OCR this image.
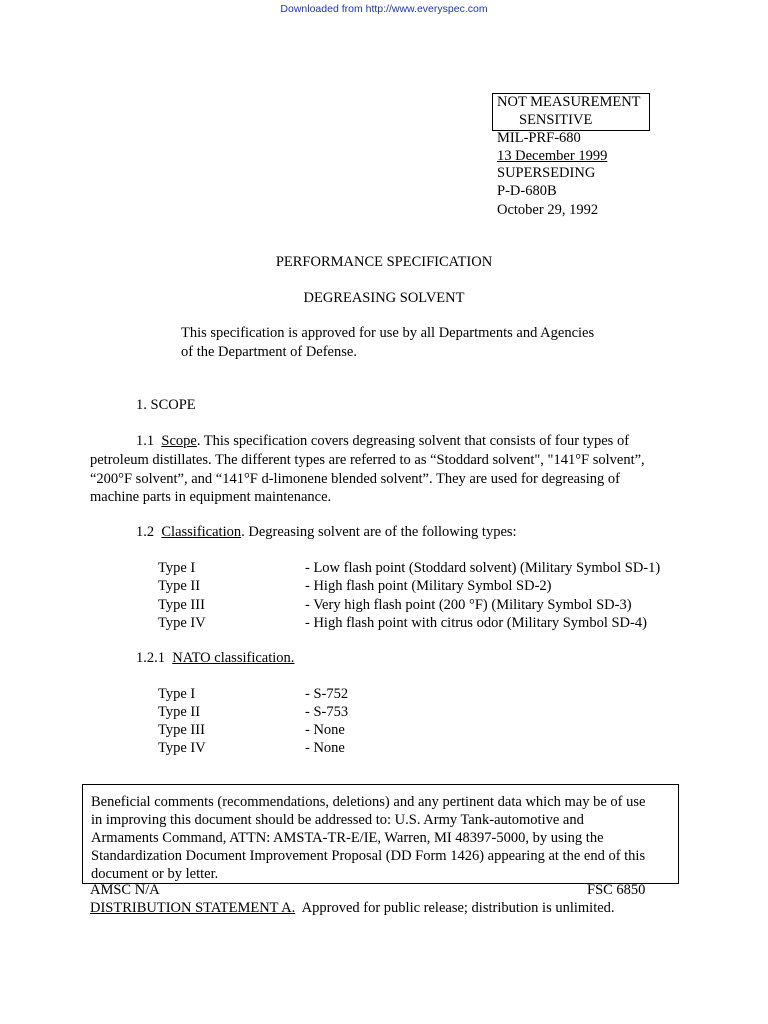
Downloaded from http://www.everyspec.com
NOT MEASUREMENT
SENSITIVE
MIL-PRF-680
13 December 1999
SUPERSEDING
P-D-680B
October 29, 1992
PERFORMANCE SPECIFICATION
DEGREASING SOLVENT
This specification is approved for use by all Departments and Agencies
of the Department of Defense.
1. SCOPE
1.1 Scope. This specification covers degreasing solvent that consists of four types of
petroleum distillates. The different types are referred to as “Stoddard solvent", "141°F solvent”,
“200°F solvent”, and “141°F d-limonene blended solvent”. They are used for degreasing of
machine parts in equipment maintenance.
1.2 Classification. Degreasing solvent are of the following types:
Type I	- Low flash point (Stoddard solvent) (Military Symbol SD-1)
Type II	- High flash point (Military Symbol SD-2)
Type III	- Very high flash point (200 °F) (Military Symbol SD-3)
Type IV	- High flash point with citrus odor (Military Symbol SD-4)
1.2.1 NATO classification.
Type I	- S-752
Type II	- S-753
Type III	- None
Type IV	- None
Beneficial comments (recommendations, deletions) and any pertinent data which may be of use
in improving this document should be addressed to: U.S. Army Tank-automotive and
Armaments Command, ATTN: AMSTA-TR-E/IE, Warren, MI 48397-5000, by using the
Standardization Document Improvement Proposal (DD Form 1426) appearing at the end of this
document or by letter.
AMSC N/A	FSC 6850
DISTRIBUTION STATEMENT A.  Approved for public release; distribution is unlimited.
